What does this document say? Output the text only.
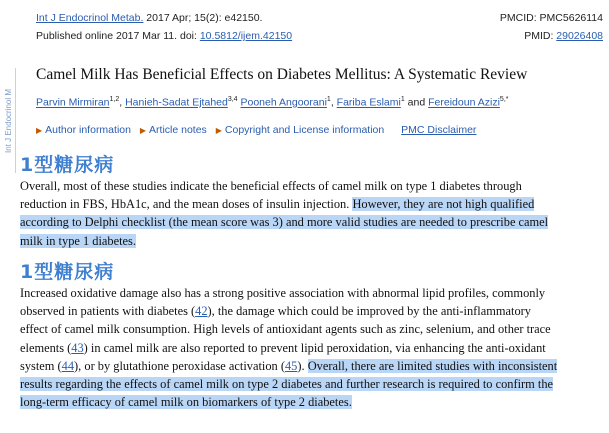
Int J Endocrinol Metab. 2017 Apr; 15(2): e42150.
Published online 2017 Mar 11. doi: 10.5812/ijem.42150
PMCID: PMC5626114
PMID: 29026408
Int J Endocrinol M
Camel Milk Has Beneficial Effects on Diabetes Mellitus: A Systematic Review
Parvin Mirmiran$^{1,2}$, Hanieh-Sadat Ejtahed$^{3,4}$ Pooneh Angoorani$^1$, Fariba Eslami$^1$ and Fereidoun Azizi$^{5,*}$
▶ Author information ▶ Article notes ▶ Copyright and License information PMC Disclaimer
1型糖尿病
Overall, most of these studies indicate the beneficial effects of camel milk on type 1 diabetes through reduction in FBS, HbA1c, and the mean doses of insulin injection. However, they are not high qualified according to Delphi checklist (the mean score was 3) and more valid studies are needed to prescribe camel milk in type 1 diabetes.
1型糖尿病
Increased oxidative damage also has a strong positive association with abnormal lipid profiles, commonly observed in patients with diabetes (42), the damage which could be improved by the anti-inflammatory effect of camel milk consumption. High levels of antioxidant agents such as zinc, selenium, and other trace elements (43) in camel milk are also reported to prevent lipid peroxidation, via enhancing the anti-oxidant system (44), or by glutathione peroxidase activation (45). Overall, there are limited studies with inconsistent results regarding the effects of camel milk on type 2 diabetes and further research is required to confirm the long-term efficacy of camel milk on biomarkers of type 2 diabetes.
